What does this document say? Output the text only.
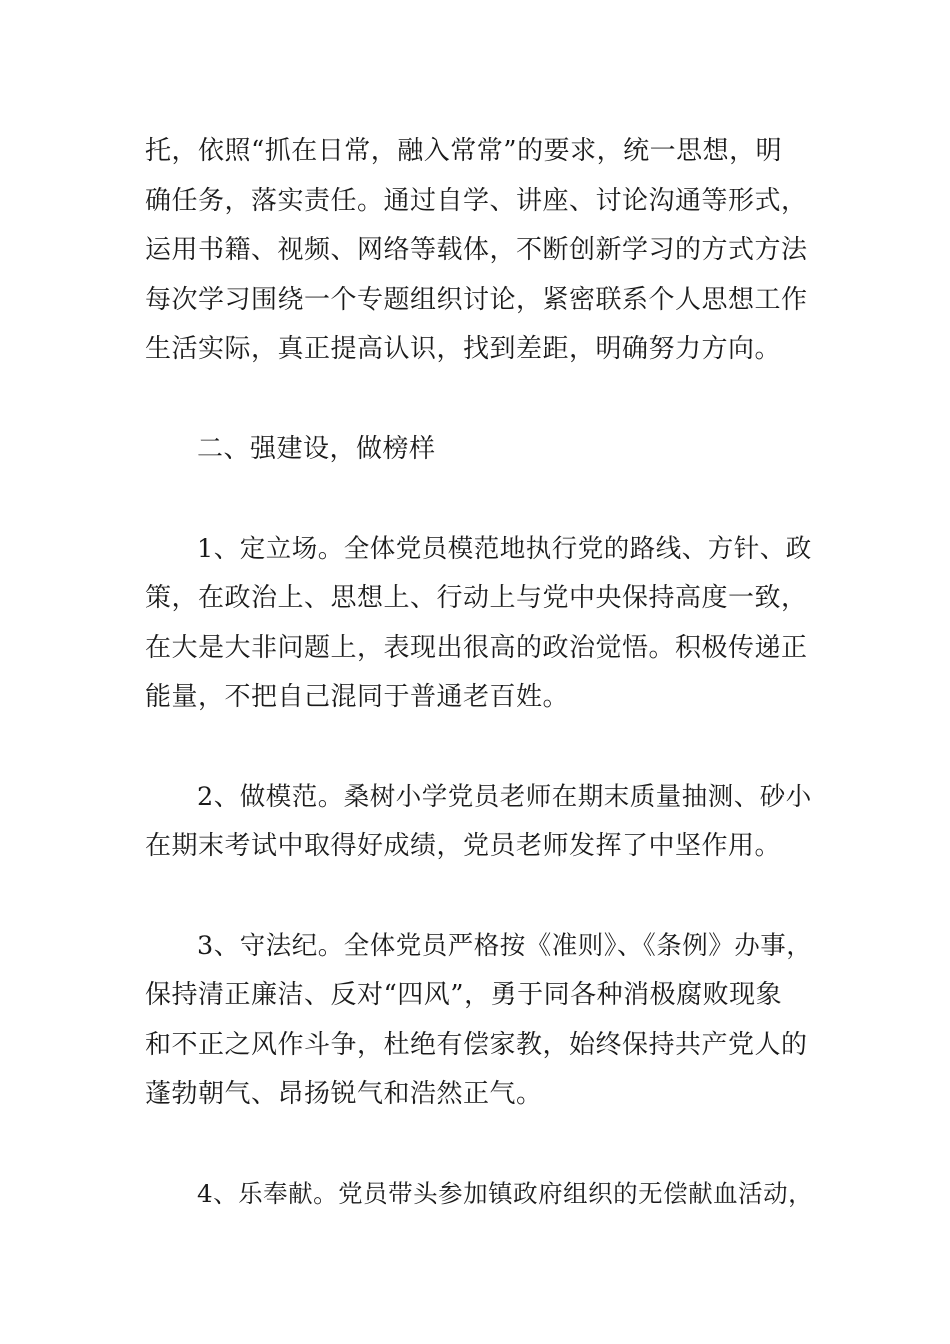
托，依照“抓在日常，融入常常”的要求，统一思想，明
确任务，落实责任。通过自学、讲座、讨论沟通等形式，
运用书籍、视频、网络等载体，不断创新学习的方式方法
每次学习围绕一个专题组织讨论，紧密联系个人思想工作
生活实际，真正提高认识，找到差距，明确努力方向。
二、强建设，做榜样
1、定立场。全体党员模范地执行党的路线、方针、政
策，在政治上、思想上、行动上与党中央保持高度一致，
在大是大非问题上，表现出很高的政治觉悟。积极传递正
能量，不把自己混同于普通老百姓。
2、做模范。桑树小学党员老师在期末质量抽测、砂小
在期末考试中取得好成绩，党员老师发挥了中坚作用。
3、守法纪。全体党员严格按《准则》、《条例》办事，
保持清正廉洁、反对“四风”，勇于同各种消极腐败现象
和不正之风作斗争，杜绝有偿家教，始终保持共产党人的
蓬勃朝气、昂扬锐气和浩然正气。
4、乐奉献。党员带头参加镇政府组织的无偿献血活动，
